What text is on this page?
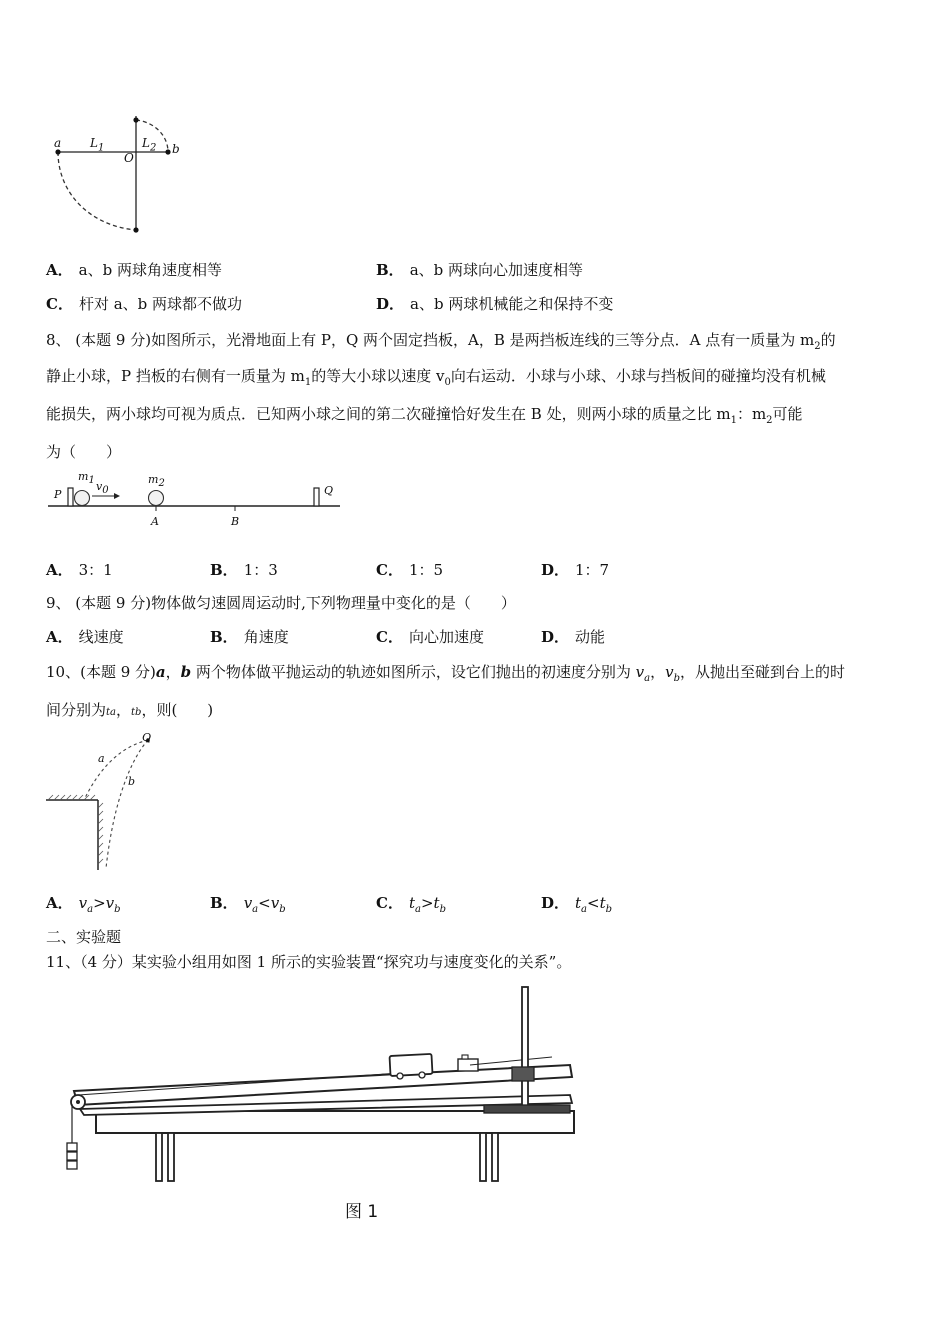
a $L_1$
O
$L_2$ b
A． a、b 两球角速度相等	B． a、b 两球向心加速度相等
C． 杆对 a、b 两球都不做功	D． a、b 两球机械能之和保持不变
8、 (本题 9 分)如图所示，光滑地面上有 P，Q 两个固定挡板，A，B 是两挡板连线的三等分点．A 点有一质量为 $m_2$的
静止小球，P 挡板的右侧有一质量为 $m_1$的等大小球以速度 $v_0$向右运动．小球与小球、小球与挡板间的碰撞均没有机械
能损失，两小球均可视为质点．已知两小球之间的第二次碰撞恰好发生在 B 处，则两小球的质量之比 $m_1$：$m_2$可能
为（　　）
P
$m_1$ $v_0$
$m_2$
Q
A	B
A． 3：1	B． 1：3	C． 1：5	D． 1：7
9、 (本题 9 分)物体做匀速圆周运动时,下列物理量中变化的是（　　）
A． 线速度	B． 角速度	C． 向心加速度	D． 动能
10、(本题 9 分)a，b 两个物体做平抛运动的轨迹如图所示，设它们抛出的初速度分别为 $v_a$，$v_b$，从抛出至碰到台上的时
间分别为ta，tb，则(　　)
Q
a
b
A． $v_a>v_b$	B． $v_a<v_b$	C． $t_a>t_b$	D． $t_a<t_b$
二、实验题
11、（4 分）某实验小组用如图 1 所示的实验装置“探究功与速度变化的关系”。
图 1
